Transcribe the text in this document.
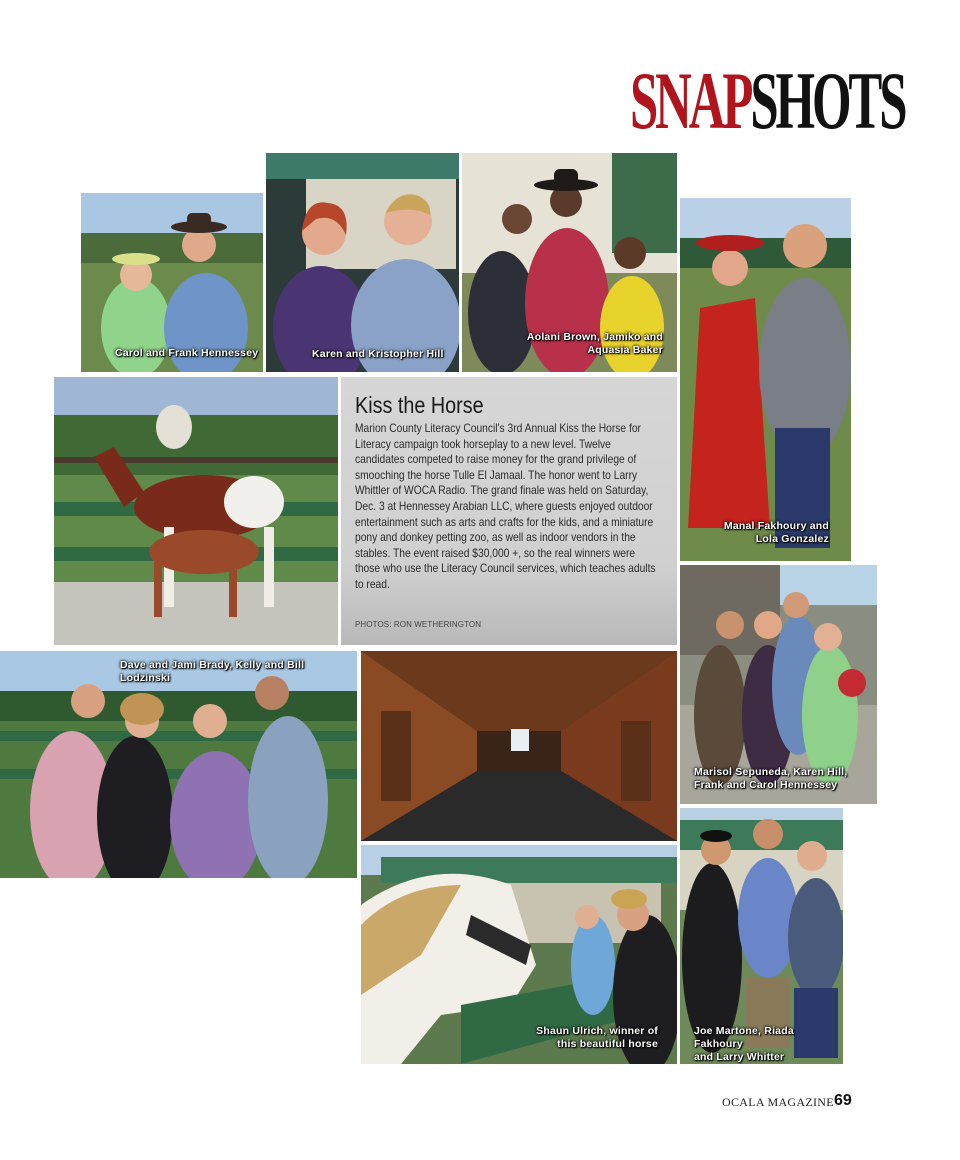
SNAPSHOTS
Carol and Frank Hennessey	Karen and Kristopher Hill
Aolani Brown, Jamiko and
Aquasia Baker
Manal Fakhoury and
Lola Gonzalez
Kiss the Horse

Marion County Literacy Council's 3rd Annual Kiss the Horse for Literacy campaign took horseplay to a new level. Twelve candidates competed to raise money for the grand privilege of smooching the horse Tulle El Jamaal. The honor went to Larry Whittler of WOCA Radio. The grand finale was held on Saturday, Dec. 3 at Hennessey Arabian LLC, where guests enjoyed outdoor entertainment such as arts and crafts for the kids, and a miniature pony and donkey petting zoo, as well as indoor vendors in the stables. The event raised $30,000 +, so the real winners were those who use the Literacy Council services, which teaches adults to read.

PHOTOS: RON WETHERINGTON
Dave and Jami Brady, Kelly and Bill Lodzinski
Marisol Sepuneda, Karen Hill,
Frank and Carol Hennessey
Shaun Ulrich, winner of
this beautiful horse
Joe Martone, Riada Fakhoury
and Larry Whitter
OCALA MAGAZINE 69
